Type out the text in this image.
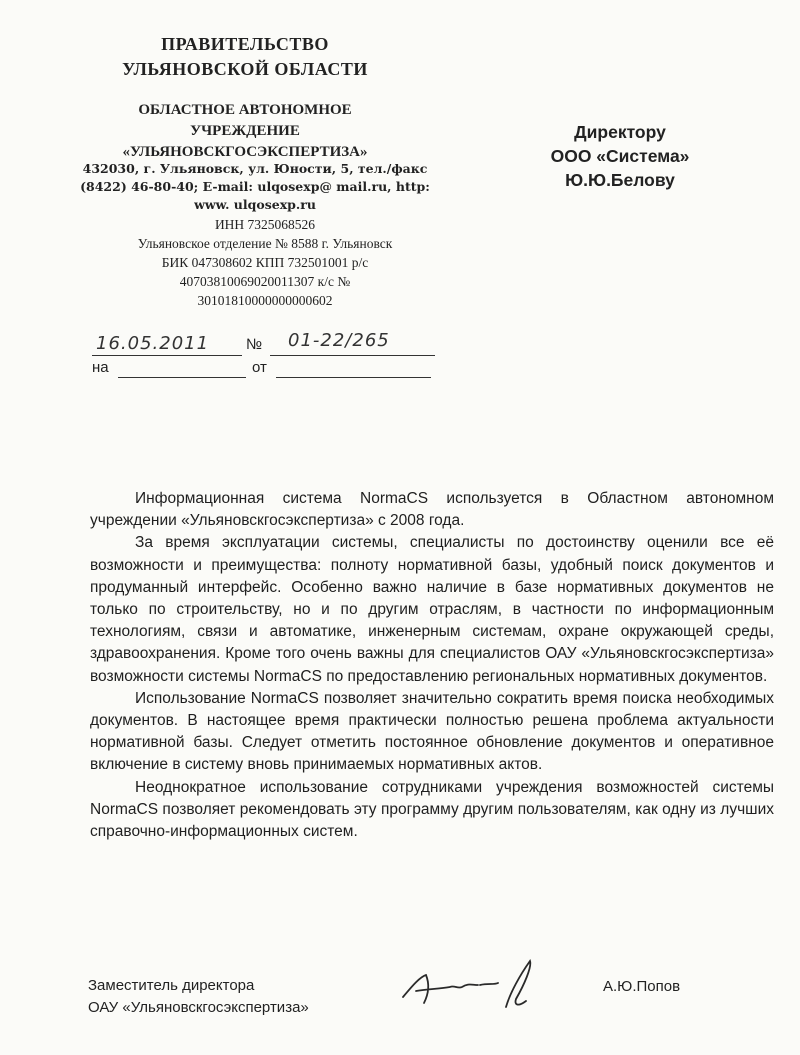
ПРАВИТЕЛЬСТВО
УЛЬЯНОВСКОЙ ОБЛАСТИ
ОБЛАСТНОЕ АВТОНОМНОЕ
УЧРЕЖДЕНИЕ
«УЛЬЯНОВСКГОСЭКСПЕРТИЗА»
432030, г. Ульяновск, ул. Юности, 5, тел./факс
(8422) 46-80-40; E-mail: ulqosexp@ mail.ru, http:
www. ulqosexp.ru
ИНН 7325068526
Ульяновское отделение № 8588 г. Ульяновск
БИК 047308602 КПП 732501001 р/с
40703810069020011307 к/с №
30101810000000000602
Директору
ООО «Система»
Ю.Ю.Белову
16.05.2011 № 01-22/265
на	от

Информационная система NormaCS используется в Областном автономном учреждении «Ульяновскгосэкспертиза» с 2008 года.

За время эксплуатации системы, специалисты по достоинству оценили все её возможности и преимущества: полноту нормативной базы, удобный поиск документов и продуманный интерфейс. Особенно важно наличие в базе нормативных документов не только по строительству, но и по другим отраслям, в частности по информационным технологиям, связи и автоматике, инженерным системам, охране окружающей среды, здравоохранения. Кроме того очень важны для специалистов ОАУ «Ульяновскгосэкспертиза» возможности системы NormaCS по предоставлению региональных нормативных документов.

Использование NormaCS позволяет значительно сократить время поиска необходимых документов. В настоящее время практически полностью решена проблема актуальности нормативной базы. Следует отметить постоянное обновление документов и оперативное включение в систему вновь принимаемых нормативных актов.

Неоднократное использование сотрудниками учреждения возможностей системы NormaCS позволяет рекомендовать эту программу другим пользователям, как одну из лучших справочно-информационных систем.

Заместитель директора
ОАУ «Ульяновскгосэкспертиза»
А.Ю.Попов
